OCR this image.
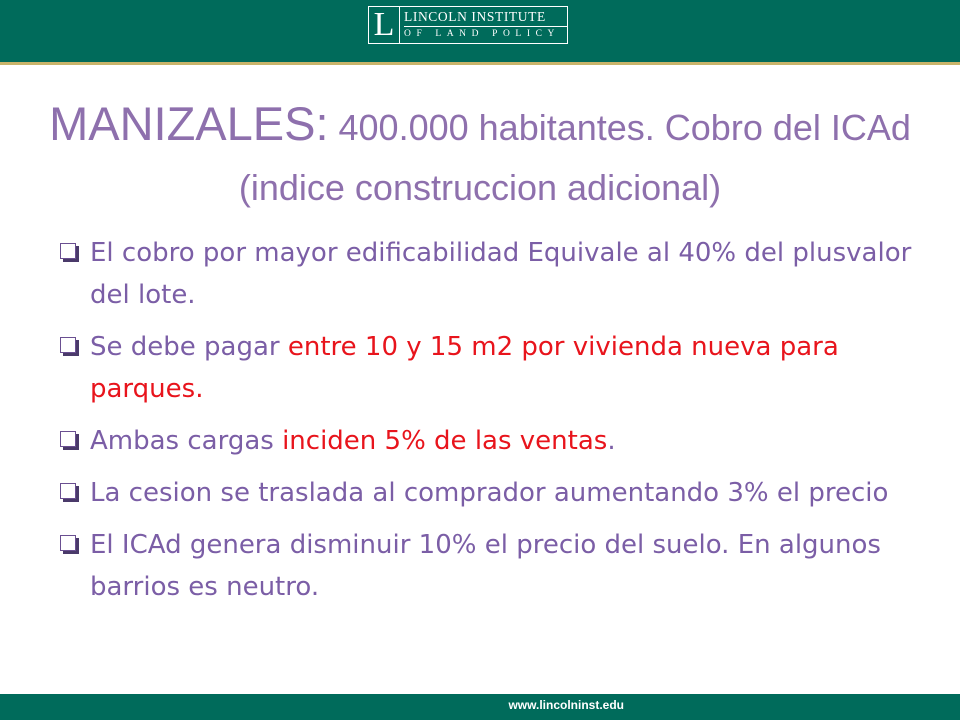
L LINCOLN INSTITUTE
OF LAND POLICY
MANIZALES: 400.000 habitantes. Cobro del ICAd (indice construccion adicional)
El cobro por mayor edificabilidad Equivale al 40% del plusvalor del lote.
Se debe pagar entre 10 y 15 m2 por vivienda nueva para parques.
Ambas cargas inciden 5% de las ventas.
La cesion se traslada al comprador aumentando 3% el precio
El ICAd genera disminuir 10% el precio del suelo. En algunos barrios es neutro.
www.lincolninst.edu
